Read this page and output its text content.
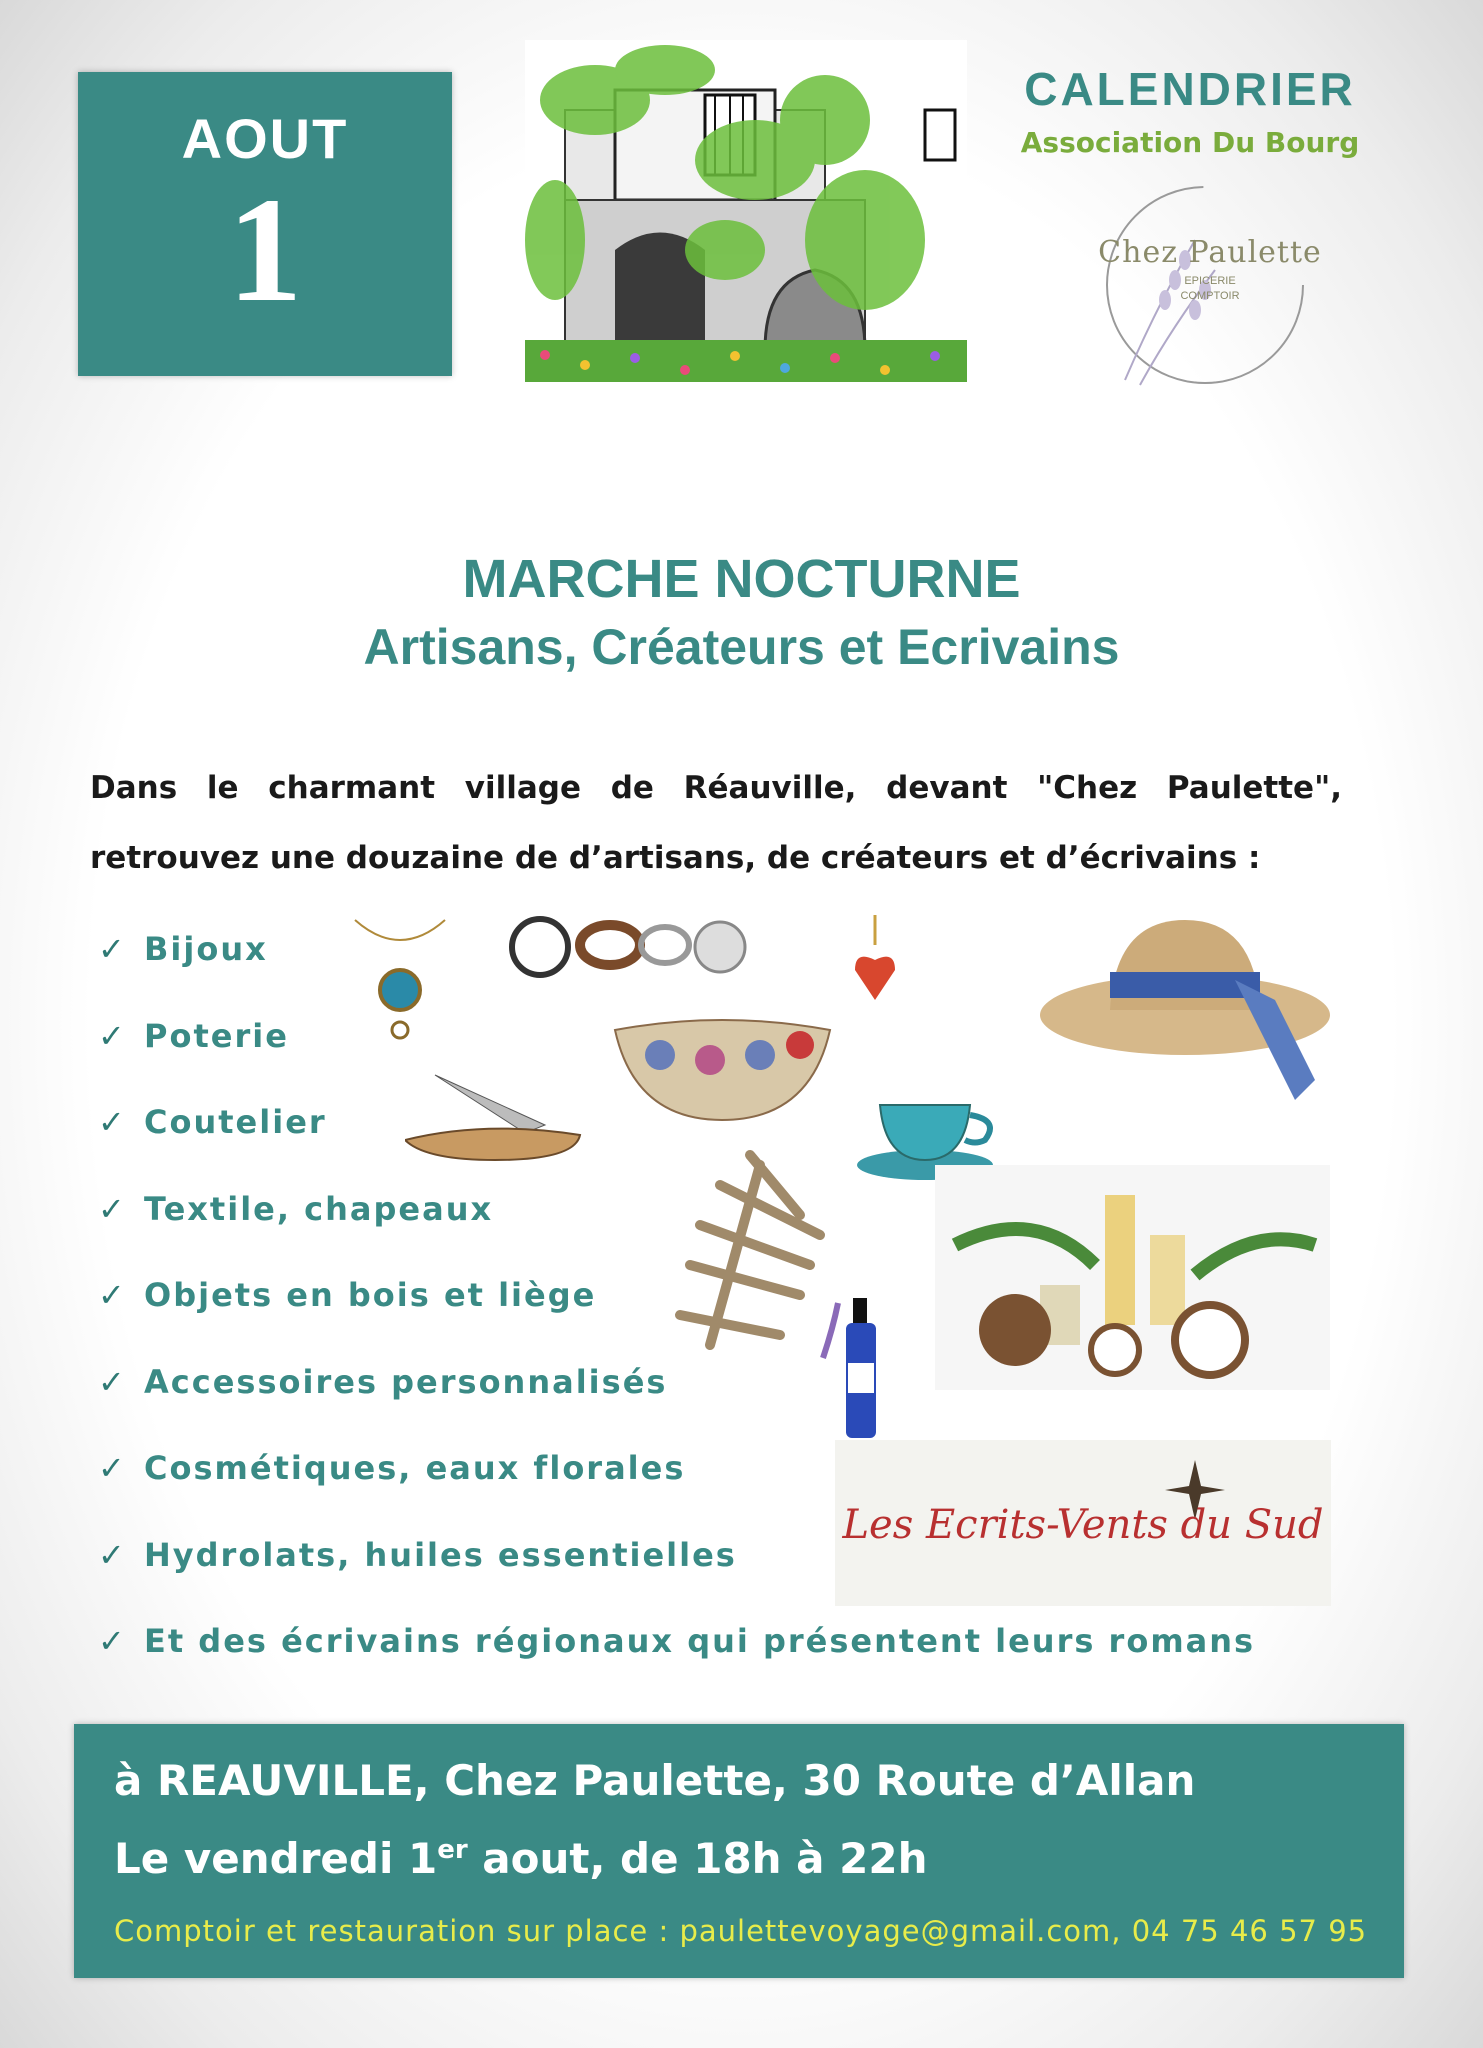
AOUT
1
CALENDRIER
Association Du Bourg
Chez Paulette
EPICERIE
COMPTOIR
MARCHE NOCTURNE
Artisans, Créateurs et Ecrivains
Dans le charmant village de Réauville, devant "Chez Paulette",
retrouvez une douzaine de d’artisans, de créateurs et d’écrivains :
✓ Bijoux
✓ Poterie
✓ Coutelier
✓ Textile, chapeaux
✓ Objets en bois et liège
✓ Accessoires personnalisés
✓ Cosmétiques, eaux florales
✓ Hydrolats, huiles essentielles
✓ Et des écrivains régionaux qui présentent leurs romans
Les Ecrits-Vents du Sud
à REAUVILLE, Chez Paulette, 30 Route d’Allan
Le vendredi 1er aout, de 18h à 22h
Comptoir et restauration sur place : paulettevoyage@gmail.com, 04 75 46 57 95
